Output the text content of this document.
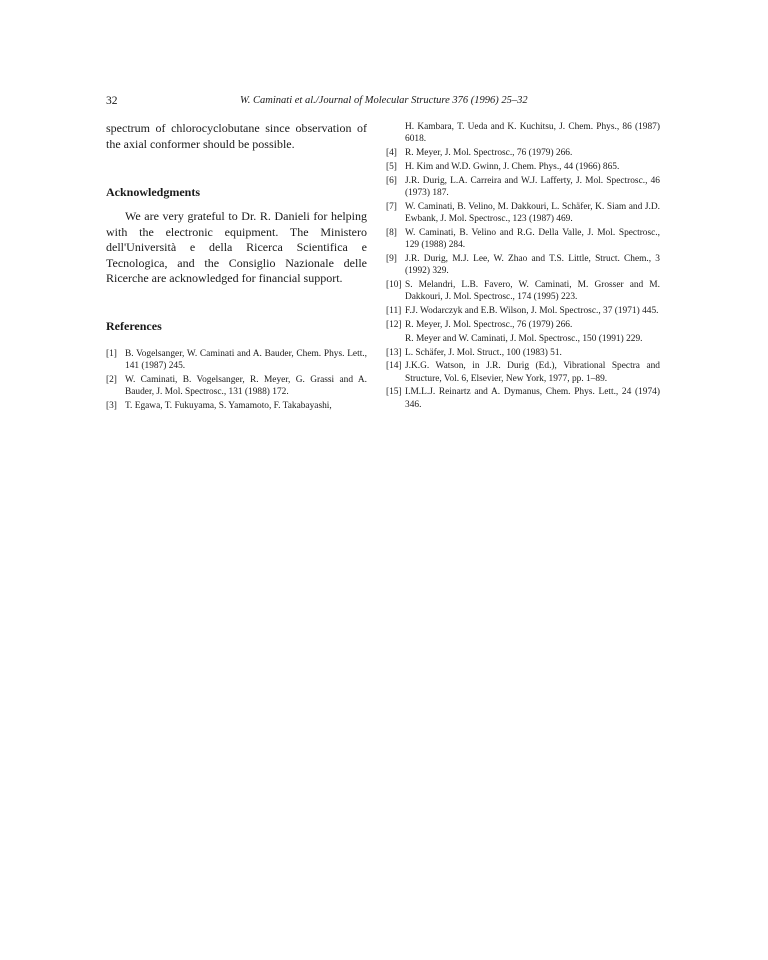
32	W. Caminati et al./Journal of Molecular Structure 376 (1996) 25–32

spectrum of chlorocyclobutane since observation of the axial conformer should be possible.

Acknowledgments

We are very grateful to Dr. R. Danieli for helping with the electronic equipment. The Ministero dell'Università e della Ricerca Scientifica e Tecnologica, and the Consiglio Nazionale delle Ricerche are acknowledged for financial support.

References
[1] B. Vogelsanger, W. Caminati and A. Bauder, Chem. Phys. Lett., 141 (1987) 245.
[2] W. Caminati, B. Vogelsanger, R. Meyer, G. Grassi and A. Bauder, J. Mol. Spectrosc., 131 (1988) 172.
[3] T. Egawa, T. Fukuyama, S. Yamamoto, F. Takabayashi,
H. Kambara, T. Ueda and K. Kuchitsu, J. Chem. Phys., 86 (1987) 6018.
[4] R. Meyer, J. Mol. Spectrosc., 76 (1979) 266.
[5] H. Kim and W.D. Gwinn, J. Chem. Phys., 44 (1966) 865.
[6] J.R. Durig, L.A. Carreira and W.J. Lafferty, J. Mol. Spectrosc., 46 (1973) 187.
[7] W. Caminati, B. Velino, M. Dakkouri, L. Schäfer, K. Siam and J.D. Ewbank, J. Mol. Spectrosc., 123 (1987) 469.
[8] W. Caminati, B. Velino and R.G. Della Valle, J. Mol. Spectrosc., 129 (1988) 284.
[9] J.R. Durig, M.J. Lee, W. Zhao and T.S. Little, Struct. Chem., 3 (1992) 329.
[10] S. Melandri, L.B. Favero, W. Caminati, M. Grosser and M. Dakkouri, J. Mol. Spectrosc., 174 (1995) 223.
[11] F.J. Wodarczyk and E.B. Wilson, J. Mol. Spectrosc., 37 (1971) 445.
[12] R. Meyer, J. Mol. Spectrosc., 76 (1979) 266.
R. Meyer and W. Caminati, J. Mol. Spectrosc., 150 (1991) 229.
[13] L. Schäfer, J. Mol. Struct., 100 (1983) 51.
[14] J.K.G. Watson, in J.R. Durig (Ed.), Vibrational Spectra and Structure, Vol. 6, Elsevier, New York, 1977, pp. 1–89.
[15] I.M.L.J. Reinartz and A. Dymanus, Chem. Phys. Lett., 24 (1974) 346.
